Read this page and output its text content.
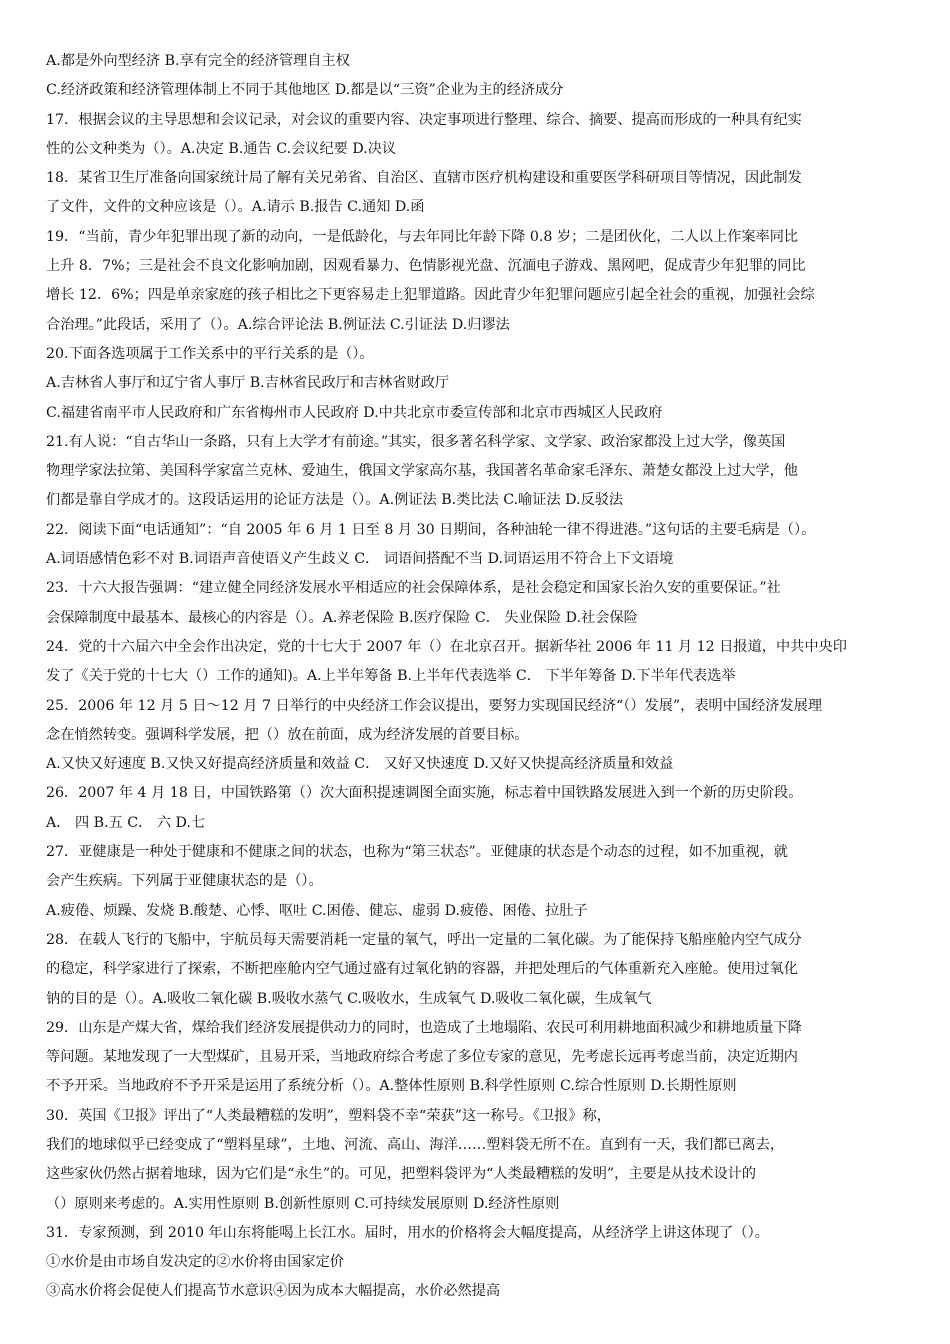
A.都是外向型经济 B.享有完全的经济管理自主权
C.经济政策和经济管理体制上不同于其他地区 D.都是以“三资”企业为主的经济成分
17．根据会议的主导思想和会议记录，对会议的重要内容、决定事项进行整理、综合、摘要、提高而形成的一种具有纪实
性的公文种类为（）。A.决定 B.通告 C.会议纪要 D.决议
18．某省卫生厅准备向国家统计局了解有关兄弟省、自治区、直辖市医疗机构建设和重要医学科研项目等情况，因此制发
了文件，文件的文种应该是（）。A.请示 B.报告 C.通知 D.函
19．“当前，青少年犯罪出现了新的动向，一是低龄化，与去年同比年龄下降 0.8 岁；二是团伙化，二人以上作案率同比
上升 8．7%；三是社会不良文化影响加剧，因观看暴力、色情影视光盘、沉湎电子游戏、黑网吧，促成青少年犯罪的同比
增长 12．6%；四是单亲家庭的孩子相比之下更容易走上犯罪道路。因此青少年犯罪问题应引起全社会的重视，加强社会综
合治理。”此段话，采用了（）。A.综合评论法 B.例证法 C.引证法 D.归谬法
20.下面各选项属于工作关系中的平行关系的是（）。
A.吉林省人事厅和辽宁省人事厅 B.吉林省民政厅和吉林省财政厅
C.福建省南平市人民政府和广东省梅州市人民政府 D.中共北京市委宣传部和北京市西城区人民政府
21.有人说：“自古华山一条路，只有上大学才有前途。”其实，很多著名科学家、文学家、政治家都没上过大学，像英国
物理学家法拉第、美国科学家富兰克林、爱迪生，俄国文学家高尔基，我国著名革命家毛泽东、萧楚女都没上过大学，他
们都是靠自学成才的。这段话运用的论证方法是（）。A.例证法 B.类比法 C.喻证法 D.反驳法
22．阅读下面“电话通知”：“自 2005 年 6 月 1 日至 8 月 30 日期间，各种油轮一律不得进港。”这句话的主要毛病是（）。
A.词语感情色彩不对 B.词语声音使语义产生歧义 C． 词语间搭配不当 D.词语运用不符合上下文语境
23．十六大报告强调：“建立健全同经济发展水平相适应的社会保障体系，是社会稳定和国家长治久安的重要保证。”社
会保障制度中最基本、最核心的内容是（）。A.养老保险 B.医疗保险 C． 失业保险 D.社会保险
24．党的十六届六中全会作出决定，党的十七大于 2007 年（）在北京召开。据新华社 2006 年 11 月 12 日报道，中共中央印
发了《关于党的十七大（）工作的通知)。A.上半年筹备 B.上半年代表选举 C． 下半年筹备 D.下半年代表选举
25．2006 年 12 月 5 日～12 月 7 日举行的中央经济工作会议提出，要努力实现国民经济“（）发展”，表明中国经济发展理
念在悄然转变。强调科学发展，把（）放在前面，成为经济发展的首要目标。
A.又快又好速度 B.又快又好提高经济质量和效益 C． 又好又快速度 D.又好又快提高经济质量和效益
26．2007 年 4 月 18 日，中国铁路第（）次大面积提速调图全面实施，标志着中国铁路发展进入到一个新的历史阶段。
A． 四 B.五 C． 六 D.七
27．亚健康是一种处于健康和不健康之间的状态，也称为“第三状态”。亚健康的状态是个动态的过程，如不加重视，就
会产生疾病。下列属于亚健康状态的是（）。
A.疲倦、烦躁、发烧 B.酸楚、心悸、呕吐 C.困倦、健忘、虚弱 D.疲倦、困倦、拉肚子
28．在载人飞行的飞船中，宇航员每天需要消耗一定量的氧气，呼出一定量的二氧化碳。为了能保持飞船座舱内空气成分
的稳定，科学家进行了探索，不断把座舱内空气通过盛有过氧化钠的容器，并把处理后的气体重新充入座舱。使用过氧化
钠的目的是（）。A.吸收二氧化碳 B.吸收水蒸气 C.吸收水，生成氧气 D.吸收二氧化碳，生成氧气
29．山东是产煤大省，煤给我们经济发展提供动力的同时，也造成了土地塌陷、农民可利用耕地面积减少和耕地质量下降
等问题。某地发现了一大型煤矿，且易开采，当地政府综合考虑了多位专家的意见，先考虑长远再考虑当前，决定近期内
不予开采。当地政府不予开采是运用了系统分析（）。A.整体性原则 B.科学性原则 C.综合性原则 D.长期性原则
30．英国《卫报》评出了“人类最糟糕的发明”，塑料袋不幸“荣获”这一称号。《卫报》称，
我们的地球似乎已经变成了“塑料星球”，土地、河流、高山、海洋……塑料袋无所不在。直到有一天，我们都已离去，
这些家伙仍然占据着地球，因为它们是“永生”的。可见，把塑料袋评为“人类最糟糕的发明”，主要是从技术设计的
（）原则来考虑的。A.实用性原则 B.创新性原则 C.可持续发展原则 D.经济性原则
31．专家预测，到 2010 年山东将能喝上长江水。届时，用水的价格将会大幅度提高，从经济学上讲这体现了（）。
①水价是由市场自发决定的②水价将由国家定价
③高水价将会促使人们提高节水意识④因为成本大幅提高，水价必然提高
